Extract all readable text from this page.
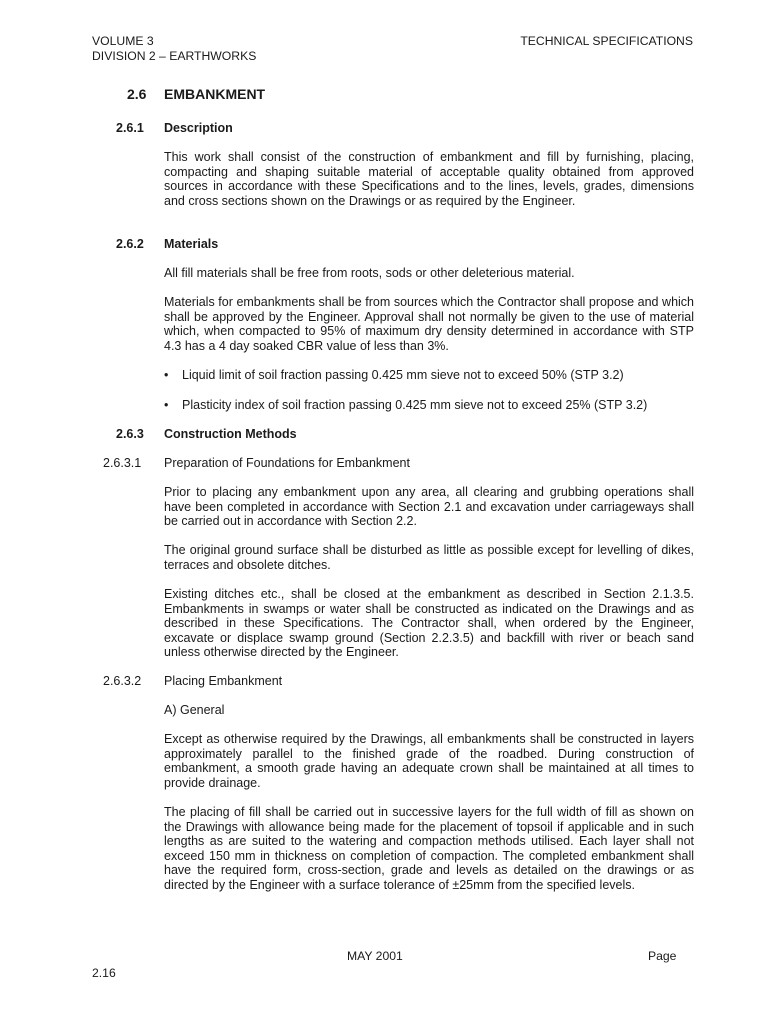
VOLUME 3
DIVISION 2 – EARTHWORKS
TECHNICAL SPECIFICATIONS
2.6 EMBANKMENT
2.6.1 Description

This work shall consist of the construction of embankment and fill by furnishing, placing, compacting and shaping suitable material of acceptable quality obtained from approved sources in accordance with these Specifications and to the lines, levels, grades, dimensions and cross sections shown on the Drawings or as required by the Engineer.

2.6.2 Materials
All fill materials shall be free from roots, sods or other deleterious material.

Materials for embankments shall be from sources which the Contractor shall propose and which shall be approved by the Engineer. Approval shall not normally be given to the use of material which, when compacted to 95% of maximum dry density determined in accordance with STP 4.3 has a 4 day soaked CBR value of less than 3%.

• Liquid limit of soil fraction passing 0.425 mm sieve not to exceed 50% (STP 3.2)
• Plasticity index of soil fraction passing 0.425 mm sieve not to exceed 25% (STP 3.2)
2.6.3 Construction Methods
2.6.3.1 Preparation of Foundations for Embankment

Prior to placing any embankment upon any area, all clearing and grubbing operations shall have been completed in accordance with Section 2.1 and excavation under carriageways shall be carried out in accordance with Section 2.2.

The original ground surface shall be disturbed as little as possible except for levelling of dikes, terraces and obsolete ditches.

Existing ditches etc., shall be closed at the embankment as described in Section 2.1.3.5. Embankments in swamps or water shall be constructed as indicated on the Drawings and as described in these Specifications. The Contractor shall, when ordered by the Engineer, excavate or displace swamp ground (Section 2.2.3.5) and backfill with river or beach sand unless otherwise directed by the Engineer.

2.6.3.2 Placing Embankment
A) General

Except as otherwise required by the Drawings, all embankments shall be constructed in layers approximately parallel to the finished grade of the roadbed. During construction of embankment, a smooth grade having an adequate crown shall be maintained at all times to provide drainage.

The placing of fill shall be carried out in successive layers for the full width of fill as shown on the Drawings with allowance being made for the placement of topsoil if applicable and in such lengths as are suited to the watering and compaction methods utilised. Each layer shall not exceed 150 mm in thickness on completion of compaction. The completed embankment shall have the required form, cross-section, grade and levels as detailed on the drawings or as directed by the Engineer with a surface tolerance of ±25mm from the specified levels.

MAY 2001	Page
2.16
